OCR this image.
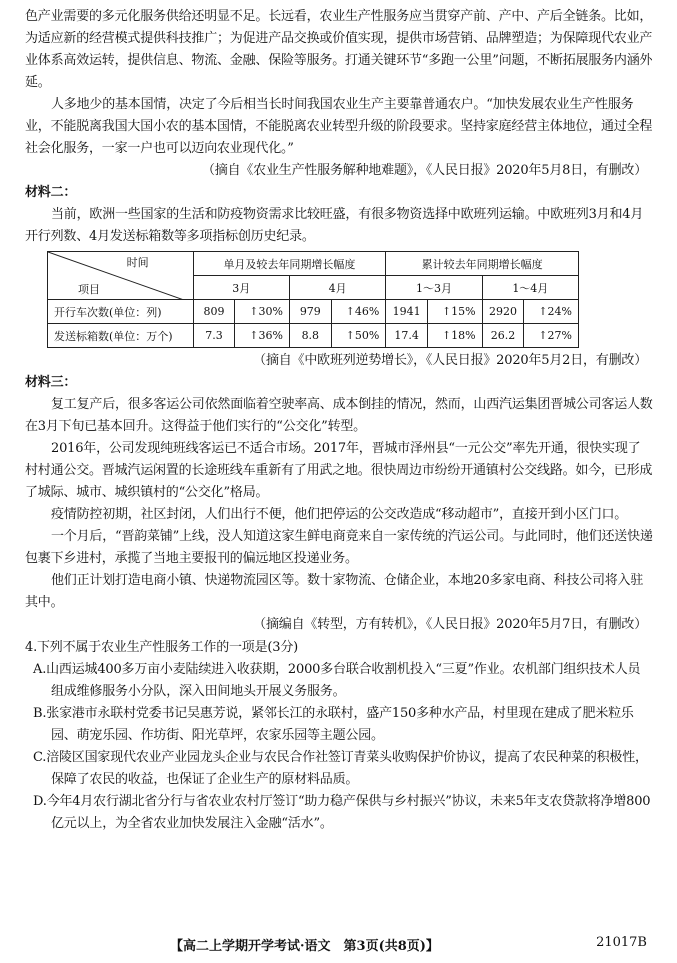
色产业需要的多元化服务供给还明显不足。长远看，农业生产性服务应当贯穿产前、产中、产后全链条。比如，为适应新的经营模式提供科技推广；为促进产品交换或价值实现，提供市场营销、品牌塑造；为保障现代农业产业体系高效运转，提供信息、物流、金融、保险等服务。打通关键环节“多跑一公里”问题，不断拓展服务内涵外延。

人多地少的基本国情，决定了今后相当长时间我国农业生产主要靠普通农户。“加快发展农业生产性服务业，不能脱离我国大国小农的基本国情，不能脱离农业转型升级的阶段要求。坚持家庭经营主体地位，通过全程社会化服务，一家一户也可以迈向农业现代化。”

（摘自《农业生产性服务解种地难题》，《人民日报》2020年5月8日，有删改）

材料二：

当前，欧洲一些国家的生活和防疫物资需求比较旺盛，有很多物资选择中欧班列运输。中欧班列3月和4月开行列数、4月发送标箱数等多项指标创历史纪录。

时间
项目	单月及较去年同期增长幅度				累计较去年同期增长幅度			
	3月		4月		1～3月		1～4月	
开行车次数(单位：列)	809	↑30%	979	↑46%	1941	↑15%	2920	↑24%
发送标箱数(单位：万个)	7.3	↑36%	8.8	↑50%	17.4	↑18%	26.2	↑27%

（摘自《中欧班列逆势增长》，《人民日报》2020年5月2日，有删改）

材料三：

复工复产后，很多客运公司依然面临着空驶率高、成本倒挂的情况，然而，山西汽运集团晋城公司客运人数在3月下旬已基本回升。这得益于他们实行的“公交化”转型。

2016年，公司发现纯班线客运已不适合市场。2017年，晋城市泽州县“一元公交”率先开通，很快实现了村村通公交。晋城汽运闲置的长途班线车重新有了用武之地。很快周边市纷纷开通镇村公交线路。如今，已形成了城际、城市、城织镇村的“公交化”格局。

疫情防控初期，社区封闭，人们出行不便，他们把停运的公交改造成“移动超市”，直接开到小区门口。

一个月后，“晋韵菜铺”上线，没人知道这家生鲜电商竟来自一家传统的汽运公司。与此同时，他们还送快递包裹下乡进村，承揽了当地主要报刊的偏远地区投递业务。

他们正计划打造电商小镇、快递物流园区等。数十家物流、仓储企业，本地20多家电商、科技公司将入驻其中。

（摘编自《转型，方有转机》，《人民日报》2020年5月7日，有删改）

4.下列不属于农业生产性服务工作的一项是(3分)

A.山西运城400多万亩小麦陆续进入收获期，2000多台联合收割机投入“三夏”作业。农机部门组织技术人员组成维修服务小分队，深入田间地头开展义务服务。

B.张家港市永联村党委书记吴惠芳说，紧邻长江的永联村，盛产150多种水产品，村里现在建成了肥米粒乐园、萌宠乐园、作坊街、阳光草坪，农家乐园等主题公园。

C.涪陵区国家现代农业产业园龙头企业与农民合作社签订青菜头收购保护价协议，提高了农民种菜的积极性，保障了农民的收益，也保证了企业生产的原材料品质。

D.今年4月农行湖北省分行与省农业农村厅签订“助力稳产保供与乡村振兴”协议，未来5年支农贷款将净增800亿元以上，为全省农业加快发展注入金融“活水”。

【高二上学期开学考试·语文　第3页(共8页)】	21017B
